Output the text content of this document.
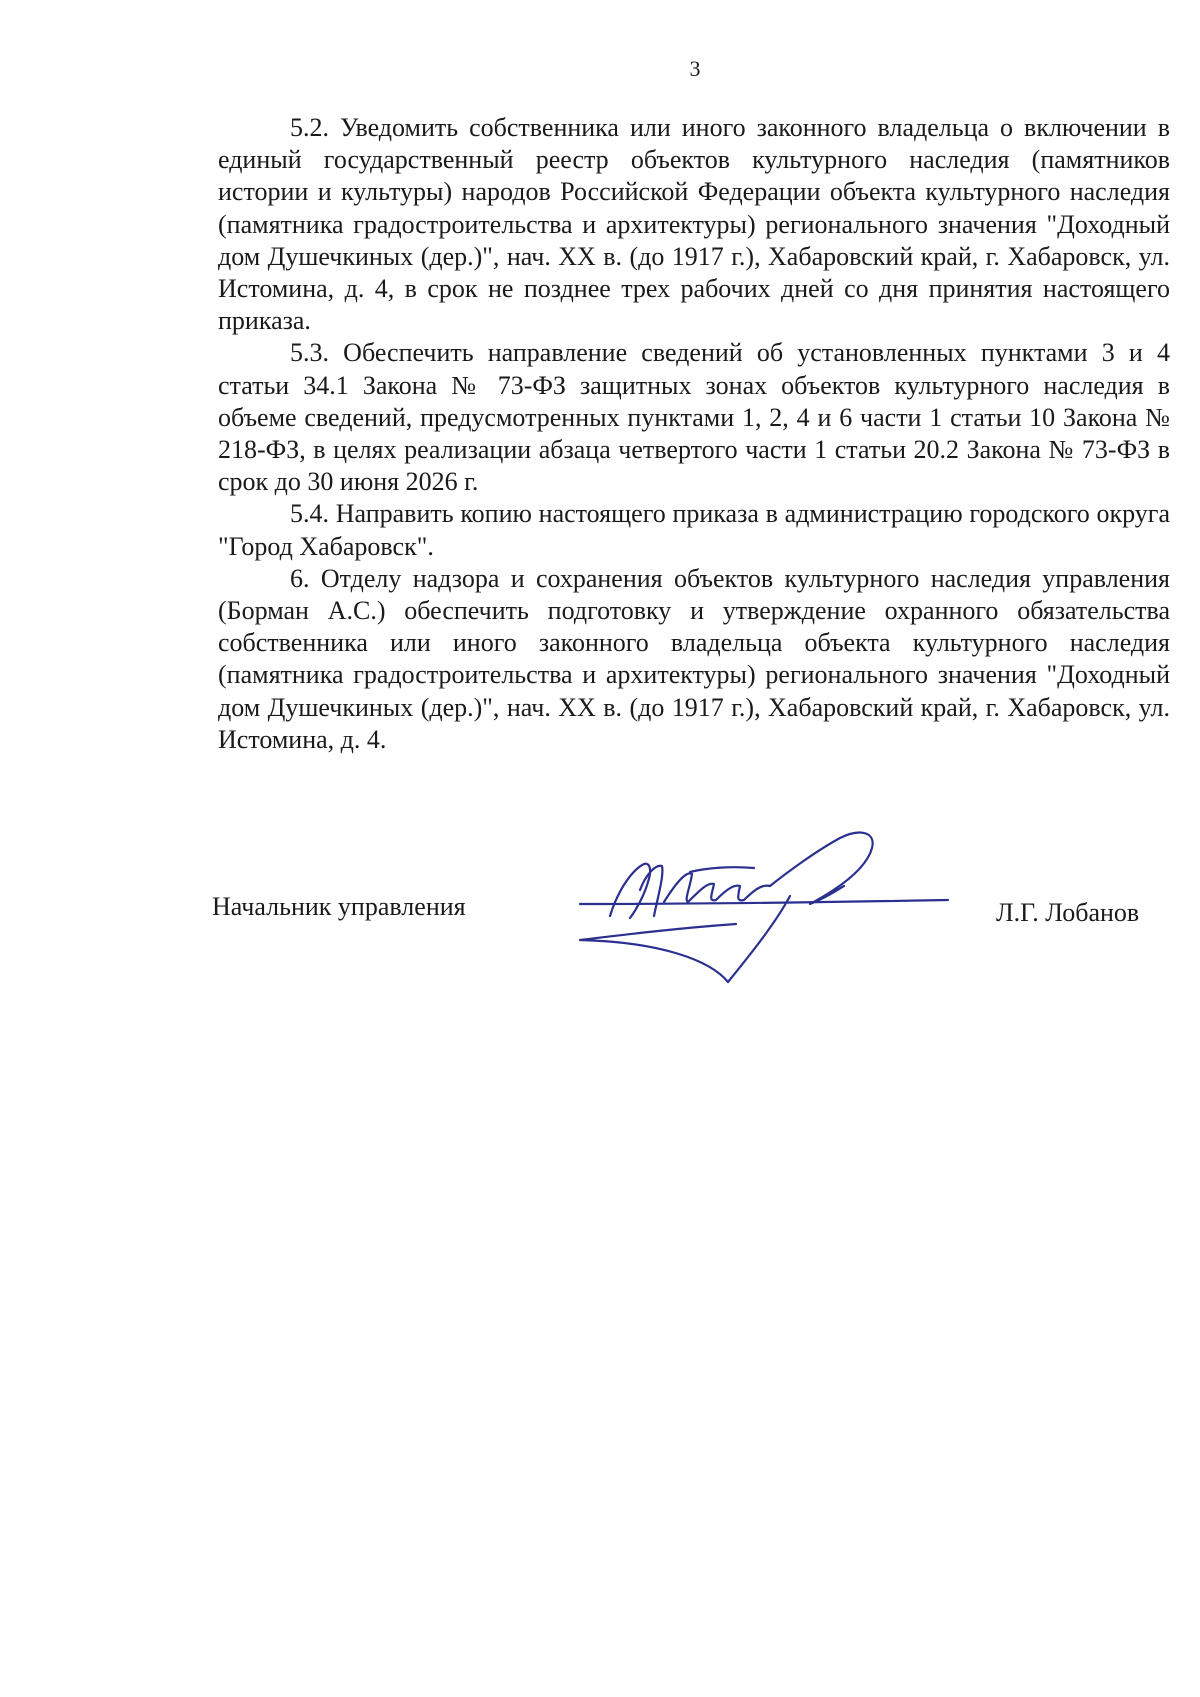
3

5.2. Уведомить собственника или иного законного владельца о включении в единый государственный реестр объектов культурного наследия (памятников истории и культуры) народов Российской Федерации объекта культурного наследия (памятника градостроительства и архитектуры) регионального значения "Доходный дом Душечкиных (дер.)", нач. XX в. (до 1917 г.), Хабаровский край, г. Хабаровск, ул. Истомина, д. 4, в срок не позднее трех рабочих дней со дня принятия настоящего приказа.

5.3. Обеспечить направление сведений об установленных пунктами 3 и 4 статьи 34.1 Закона № 73-ФЗ защитных зонах объектов культурного наследия в объеме сведений, предусмотренных пунктами 1, 2, 4 и 6 части 1 статьи 10 Закона № 218-ФЗ, в целях реализации абзаца четвертого части 1 статьи 20.2 Закона № 73-ФЗ в срок до 30 июня 2026 г.

5.4. Направить копию настоящего приказа в администрацию городского округа "Город Хабаровск".

6. Отделу надзора и сохранения объектов культурного наследия управления (Борман А.С.) обеспечить подготовку и утверждение охранного обязательства собственника или иного законного владельца объекта культурного наследия (памятника градостроительства и архитектуры) регионального значения "Доходный дом Душечкиных (дер.)", нач. XX в. (до 1917 г.), Хабаровский край, г. Хабаровск, ул. Истомина, д. 4.

Начальник управления	Л.Г. Лобанов
